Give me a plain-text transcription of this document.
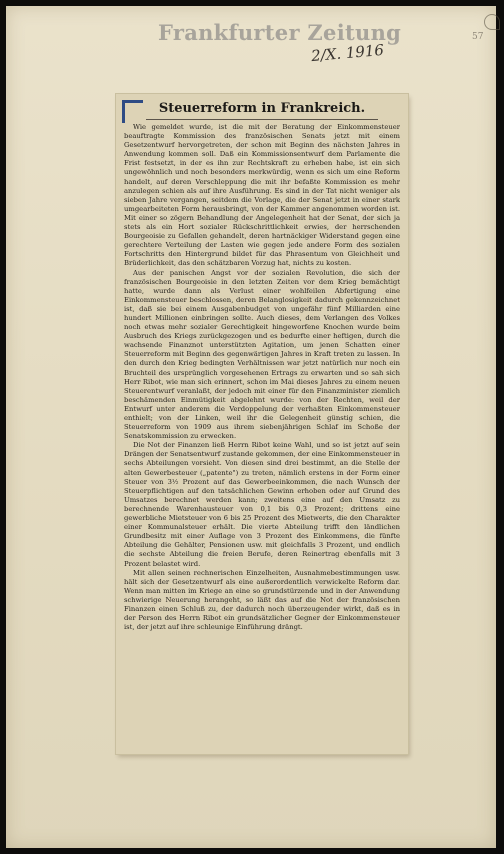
Frankfurter Zeitung
2/X. 1916
57
Steuerreform in Frankreich.

Wie gemeldet wurde, ist die mit der Beratung der Einkommensteuer beauftragte Kommission des französischen Senats jetzt mit einem Gesetzentwurf hervorgetreten, der schon mit Beginn des nächsten Jahres in Anwendung kommen soll. Daß ein Kommissionsentwurf dem Parlamente die Frist festsetzt, in der es ihn zur Rechtskraft zu erheben habe, ist ein sich ungewöhnlich und noch besonders merkwürdig, wenn es sich um eine Reform handelt, auf deren Verschleppung die mit ihr befaßte Kommission es mehr anzulegen schien als auf ihre Ausführung. Es sind in der Tat nicht weniger als sieben Jahre vergangen, seitdem die Vorlage, die der Senat jetzt in einer stark umgearbeiteten Form herausbringt, von der Kammer angenommen worden ist. Mit einer so zögern Behandlung der Angelegenheit hat der Senat, der sich ja stets als ein Hort sozialer Rückschrittlichkeit erwies, der herrschenden Bourgeoisie zu Gefallen gehandelt, deren hartnäckiger Widerstand gegen eine gerechtere Verteilung der Lasten wie gegen jede andere Form des sozialen Fortschritts den Hintergrund bildet für das Phrasentum von Gleichheit und Brüderlichkeit, das den schätzbaren Vorzug hat, nichts zu kosten.

Aus der panischen Angst vor der sozialen Revolution, die sich der französischen Bourgeoisie in den letzten Zeiten vor dem Krieg bemächtigt hatte, wurde dann als Verlust einer wohlfeilen Abfertigung eine Einkommensteuer beschlossen, deren Belanglosigkeit dadurch gekennzeichnet ist, daß sie bei einem Ausgabenbudget von ungefähr fünf Milliarden eine hundert Millionen einbringen sollte. Auch dieses, dem Verlangen des Volkes noch etwas mehr sozialer Gerechtigkeit hingeworfene Knochen wurde beim Ausbruch des Kriegs zurückgezogen und es bedurfte einer heftigen, durch die wachsende Finanznot unterstützten Agitation, um jenen Schatten einer Steuerreform mit Beginn des gegenwärtigen Jahres in Kraft treten zu lassen. In den durch den Krieg bedingten Verhältnissen war jetzt natürlich nur noch ein Bruchteil des ursprünglich vorgesehenen Ertrags zu erwarten und so sah sich Herr Ribot, wie man sich erinnert, schon im Mai dieses Jahres zu einem neuen Steuerentwurf veranlaßt, der jedoch mit einer für den Finanzminister ziemlich beschämenden Einmütigkeit abgelehnt wurde: von der Rechten, weil der Entwurf unter anderem die Verdoppelung der verhaßten Einkommensteuer enthielt; von der Linken, weil ihr die Gelegenheit günstig schien, die Steuerreform von 1909 aus ihrem siebenjährigen Schlaf im Schoße der Senatskommission zu erwecken.

Die Not der Finanzen ließ Herrn Ribot keine Wahl, und so ist jetzt auf sein Drängen der Senatsentwurf zustande gekommen, der eine Einkommensteuer in sechs Abteilungen vorsieht. Von diesen sind drei bestimmt, an die Stelle der alten Gewerbesteuer („patente") zu treten, nämlich erstens in der Form einer Steuer von 3½ Prozent auf das Gewerbeeinkommen, die nach Wunsch der Steuerpflichtigen auf den tatsächlichen Gewinn erhoben oder auf Grund des Umsatzes berechnet werden kann; zweitens eine auf den Umsatz zu berechnende Warenhausteuer von 0,1 bis 0,3 Prozent; drittens eine gewerbliche Mietsteuer von 6 bis 25 Prozent des Mietwerts, die den Charakter einer Kommunalsteuer erhält. Die vierte Abteilung trifft den ländlichen Grundbesitz mit einer Auflage von 3 Prozent des Einkommens, die fünfte Abteilung die Gehälter, Pensionen usw. mit gleichfalls 3 Prozent, und endlich die sechste Abteilung die freien Berufe, deren Reinertrag ebenfalls mit 3 Prozent belastet wird.

Mit allen seinen rechnerischen Einzelheiten, Ausnahmebestimmungen usw. hält sich der Gesetzentwurf als eine außerordentlich verwickelte Reform dar. Wenn man mitten im Kriege an eine so grundstürzende und in der Anwendung schwierige Neuerung herangeht, so läßt das auf die Not der französischen Finanzen einen Schluß zu, der dadurch noch überzeugender wirkt, daß es in der Person des Herrn Ribot ein grundsätzlicher Gegner der Einkommensteuer ist, der jetzt auf ihre schleunige Einführung drängt.
